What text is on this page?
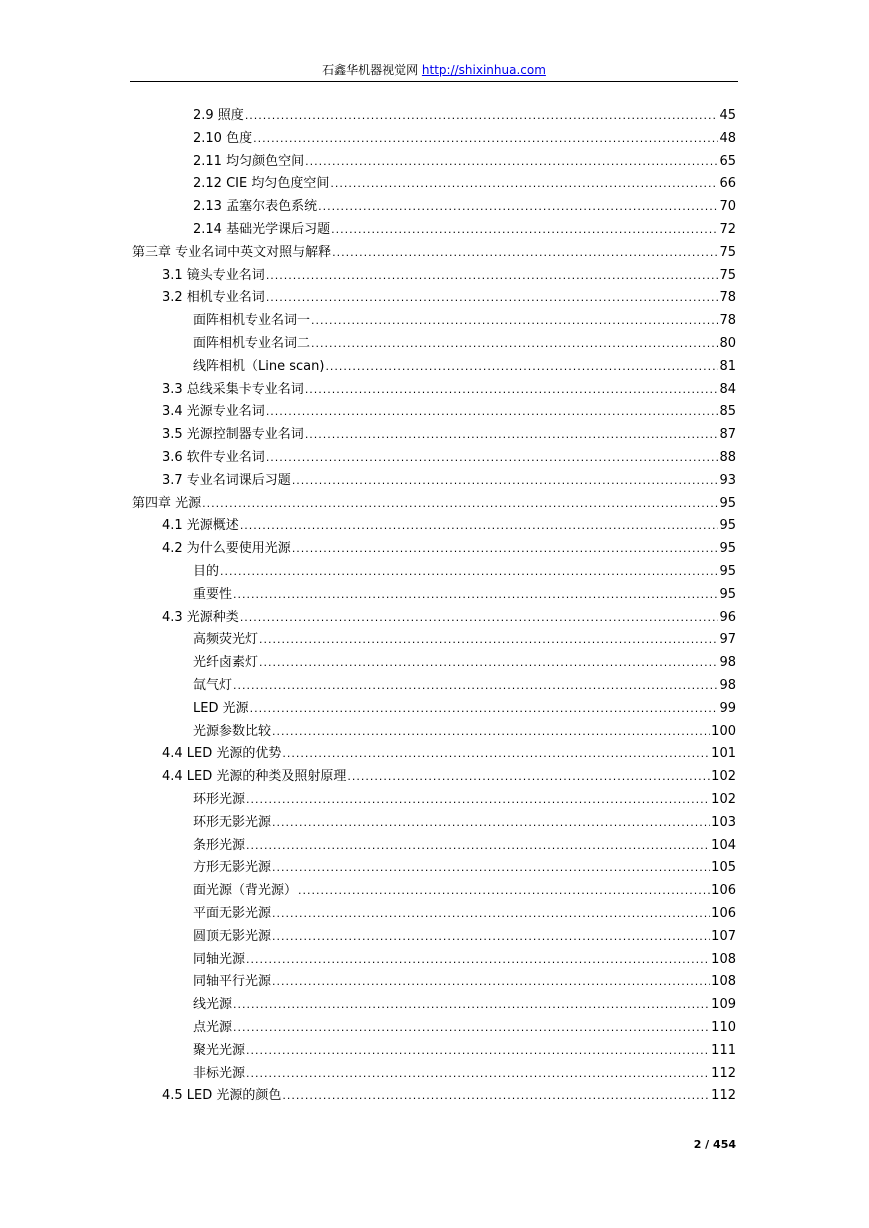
石鑫华机器视觉网 http://shixinhua.com
2.9 照度 .....	45
2.10 色度 .....	48
2.11 均匀颜色空间 .....	65
2.12 CIE 均匀色度空间 .....	66
2.13 孟塞尔表色系统 .....	70
2.14 基础光学课后习题 .....	72
第三章 专业名词中英文对照与解释 .....	75
3.1 镜头专业名词 .....	75
3.2 相机专业名词 .....	78
面阵相机专业名词一 .....	78
面阵相机专业名词二 .....	80
线阵相机（Line scan) .....	81
3.3 总线采集卡专业名词 .....	84
3.4 光源专业名词 .....	85
3.5 光源控制器专业名词 .....	87
3.6 软件专业名词 .....	88
3.7 专业名词课后习题 .....	93
第四章 光源 .....	95
4.1 光源概述 .....	95
4.2 为什么要使用光源 .....	95
目的 .....	95
重要性 .....	95
4.3 光源种类 .....	96
高频荧光灯 .....	97
光纤卤素灯 .....	98
氙气灯 .....	98
LED 光源 .....	99
光源参数比较 .....	100
4.4 LED 光源的优势 .....	101
4.4 LED 光源的种类及照射原理 .....	102
环形光源 .....	102
环形无影光源 .....	103
条形光源 .....	104
方形无影光源 .....	105
面光源（背光源） .....	106
平面无影光源 .....	106
圆顶无影光源 .....	107
同轴光源 .....	108
同轴平行光源 .....	108
线光源 .....	109
点光源 .....	110
聚光光源 .....	111
非标光源 .....	112
4.5 LED 光源的颜色 .....	112
2 / 454
